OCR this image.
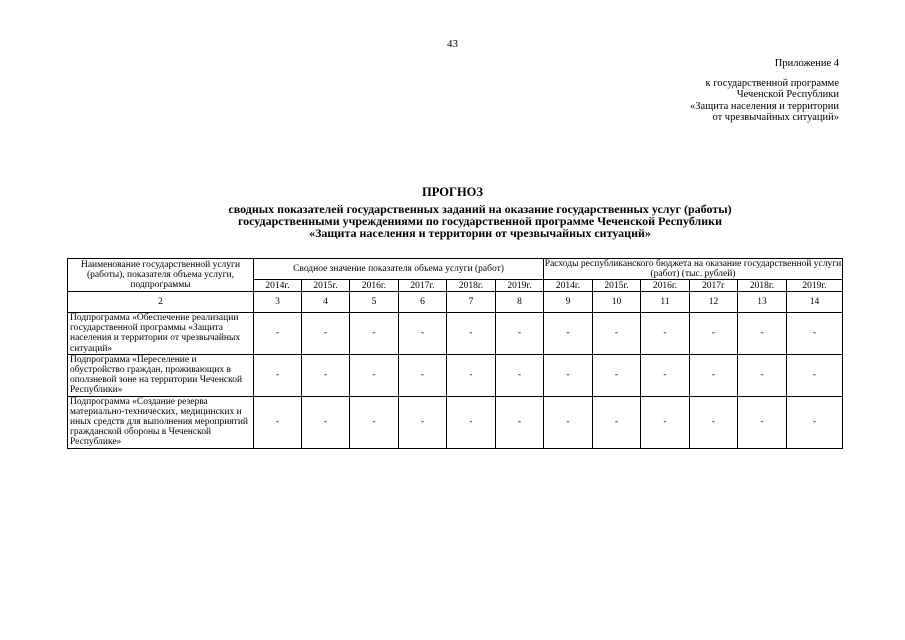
43
Приложение 4
к государственной программе
Чеченской Республики
«Защита населения и территории
от чрезвычайных ситуаций»
ПРОГНОЗ
сводных показателей государственных заданий на оказание государственных услуг (работы)
государственными учреждениями по государственной программе Чеченской Республики
«Защита населения и территории от чрезвычайных ситуаций»
Наименование государственной услуги (работы), показателя объема услуги, подпрограммы	Сводное значение показателя объема услуги (работ)						Расходы республиканского бюджета на оказание государственной услуги (работ) (тыс. рублей)					
	2014г.	2015г.	2016г.	2017г.	2018г.	2019г.	2014г.	2015г.	2016г.	2017г	2018г.	2019г.
2	3	4	5	6	7	8	9	10	11	12	13	14
Подпрограмма «Обеспечение реализации государственной программы «Защита населения и территории от чрезвычайных ситуаций»	-	-	-	-	-	-	-	-	-	-	-	-
Подпрограмма «Переселение и обустройство граждан, проживающих в оползневой зоне на территории Чеченской Республики»	-	-	-	-	-	-	-	-	-	-	-	-
Подпрограмма «Создание резерва материально-технических, медицинских и иных средств для выполнения мероприятий гражданской обороны в Чеченской Республике»	-	-	-	-	-	-	-	-	-	-	-	-
